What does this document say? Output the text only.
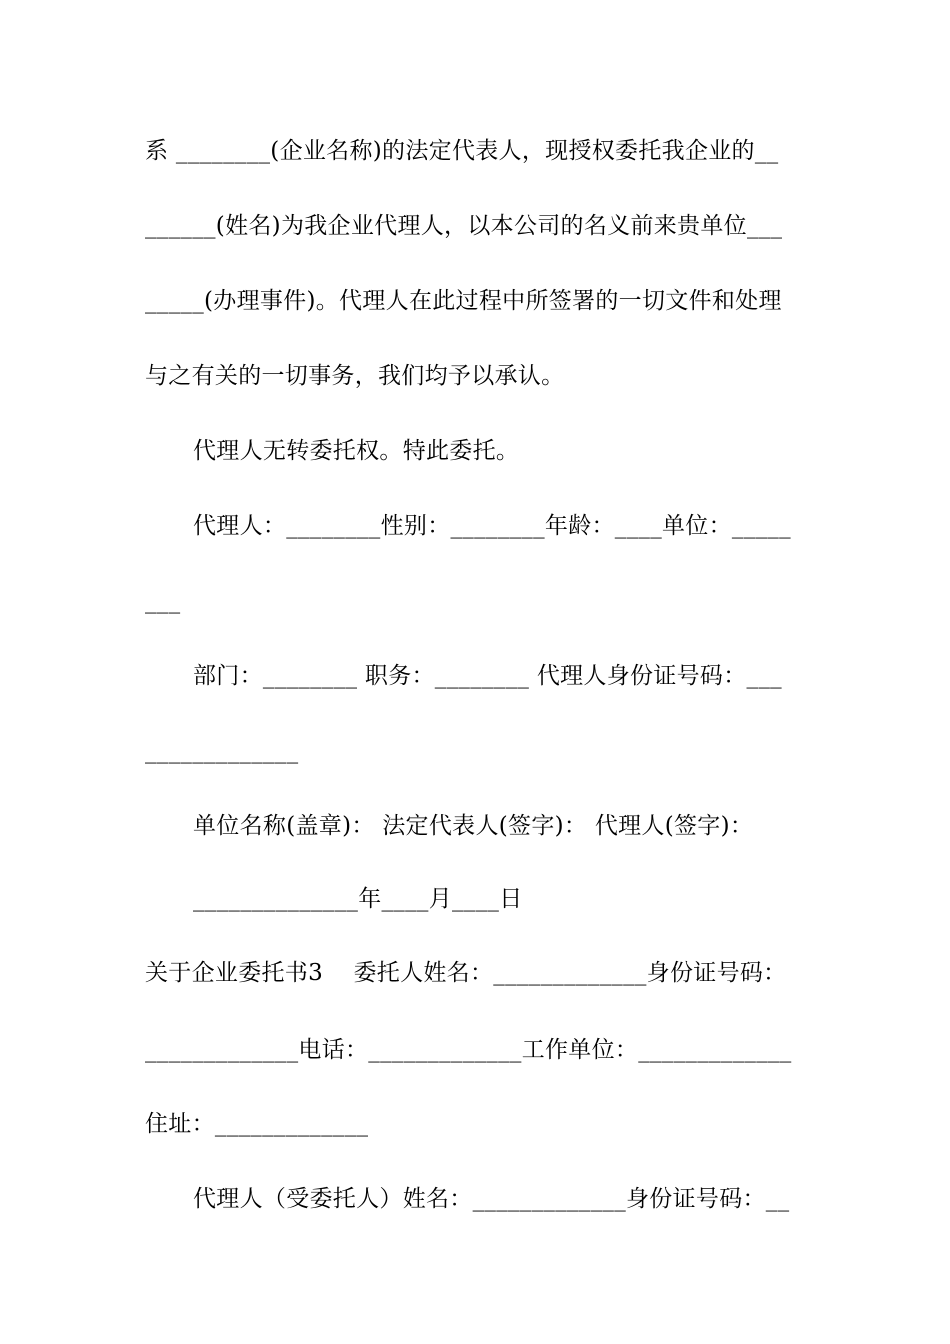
系 ________(企业名称)的法定代表人，现授权委托我企业的__
______(姓名)为我企业代理人，以本公司的名义前来贵单位___
_____(办理事件)。代理人在此过程中所签署的一切文件和处理
与之有关的一切事务，我们均予以承认。
代理人无转委托权。特此委托。
代理人：________性别：________年龄：____单位：_____
___
部门：________ 职务：________ 代理人身份证号码：___
_____________
单位名称(盖章)： 法定代表人(签字)： 代理人(签字)：
______________年____月____日
关于企业委托书3    委托人姓名：_____________身份证号码：
_____________电话：_____________工作单位：_____________
住址：_____________
代理人（受委托人）姓名：_____________身份证号码：__
